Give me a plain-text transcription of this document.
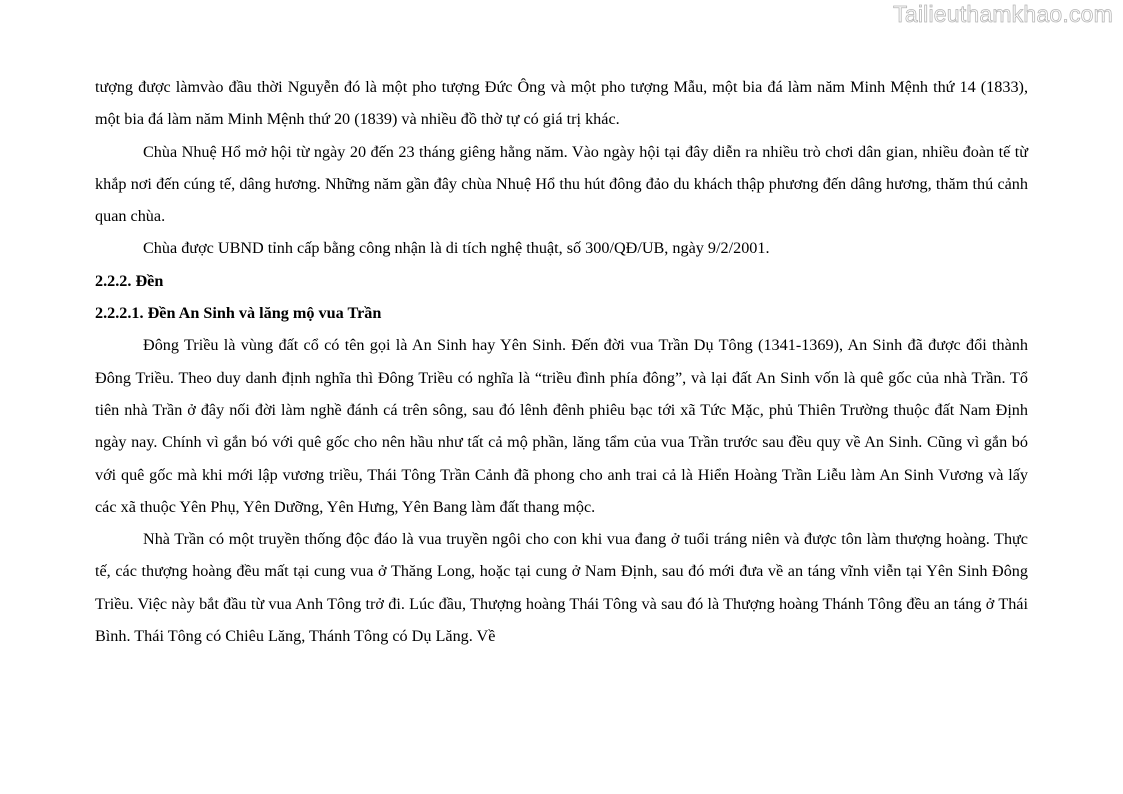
Tailieuthamkhao.com

tượng được làmvào đầu thời Nguyễn đó là một pho tượng Đức Ông và một pho tượng Mẫu, một bia đá làm năm Minh Mệnh thứ 14 (1833), một bia đá làm năm Minh Mệnh thứ 20 (1839) và nhiều đồ thờ tự có giá trị khác.

Chùa Nhuệ Hổ mở hội từ ngày 20 đến 23 tháng giêng hằng năm. Vào ngày hội tại đây diễn ra nhiều trò chơi dân gian, nhiều đoàn tế từ khắp nơi đến cúng tế, dâng hương. Những năm gần đây chùa Nhuệ Hổ thu hút đông đảo du khách thập phương đến dâng hương, thăm thú cảnh quan chùa.

Chùa được UBND tỉnh cấp bằng công nhận là di tích nghệ thuật, số 300/QĐ/UB, ngày 9/2/2001.

2.2.2. Đền
2.2.2.1. Đền An Sinh và lăng mộ vua Trần

Đông Triều là vùng đất cổ có tên gọi là An Sinh hay Yên Sinh. Đến đời vua Trần Dụ Tông (1341-1369), An Sinh đã được đổi thành Đông Triều. Theo duy danh định nghĩa thì Đông Triều có nghĩa là “triều đình phía đông”, và lại đất An Sinh vốn là quê gốc của nhà Trần. Tổ tiên nhà Trần ở đây nối đời làm nghề đánh cá trên sông, sau đó lênh đênh phiêu bạc tới xã Tức Mặc, phủ Thiên Trường thuộc đất Nam Định ngày nay. Chính vì gắn bó với quê gốc cho nên hầu như tất cả mộ phần, lăng tẩm của vua Trần trước sau đều quy về An Sinh. Cũng vì gắn bó với quê gốc mà khi mới lập vương triều, Thái Tông Trần Cảnh đã phong cho anh trai cả là Hiển Hoàng Trần Liễu làm An Sinh Vương và lấy các xã thuộc Yên Phụ, Yên Dưỡng, Yên Hưng, Yên Bang làm đất thang mộc.

Nhà Trần có một truyền thống độc đáo là vua truyền ngôi cho con khi vua đang ở tuổi tráng niên và được tôn làm thượng hoàng. Thực tế, các thượng hoàng đều mất tại cung vua ở Thăng Long, hoặc tại cung ở Nam Định, sau đó mới đưa về an táng vĩnh viễn tại Yên Sinh Đông Triều. Việc này bắt đầu từ vua Anh Tông trở đi. Lúc đầu, Thượng hoàng Thái Tông và sau đó là Thượng hoàng Thánh Tông đều an táng ở Thái Bình. Thái Tông có Chiêu Lăng, Thánh Tông có Dụ Lăng. Về
